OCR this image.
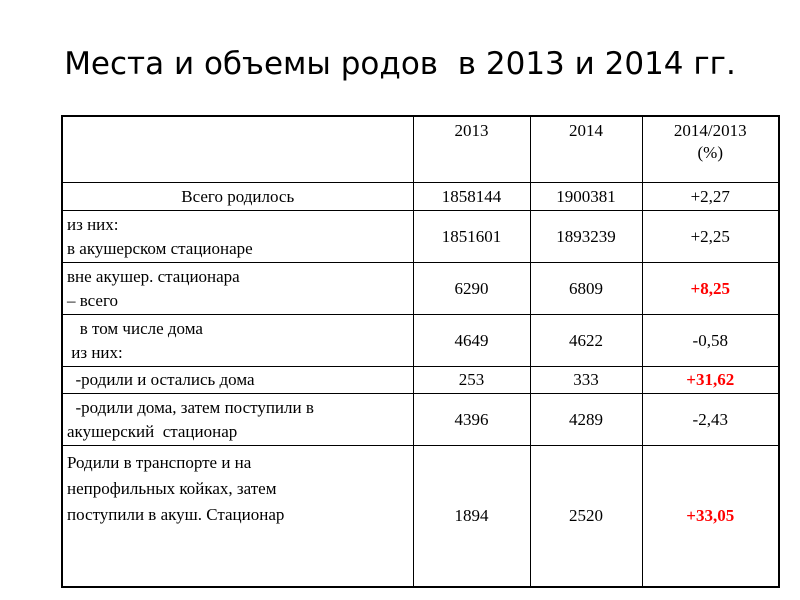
Места и объемы родов  в 2013 и 2014 гг.
	2013	2014	2014/2013
(%)
Всего родилось	1858144	1900381	+2,27
из них:
в акушерском стационаре	1851601	1893239	+2,25
вне акушер. стационара
– всего	6290	6809	+8,25
в том числе дома
из них:	4649	4622	-0,58
-родили и остались дома	253	333	+31,62
-родили дома, затем поступили в
акушерский  стационар	4396	4289	-2,43
Родили в транспорте и на
непрофильных койках, затем
поступили в акуш. Стационар	1894	2520	+33,05
